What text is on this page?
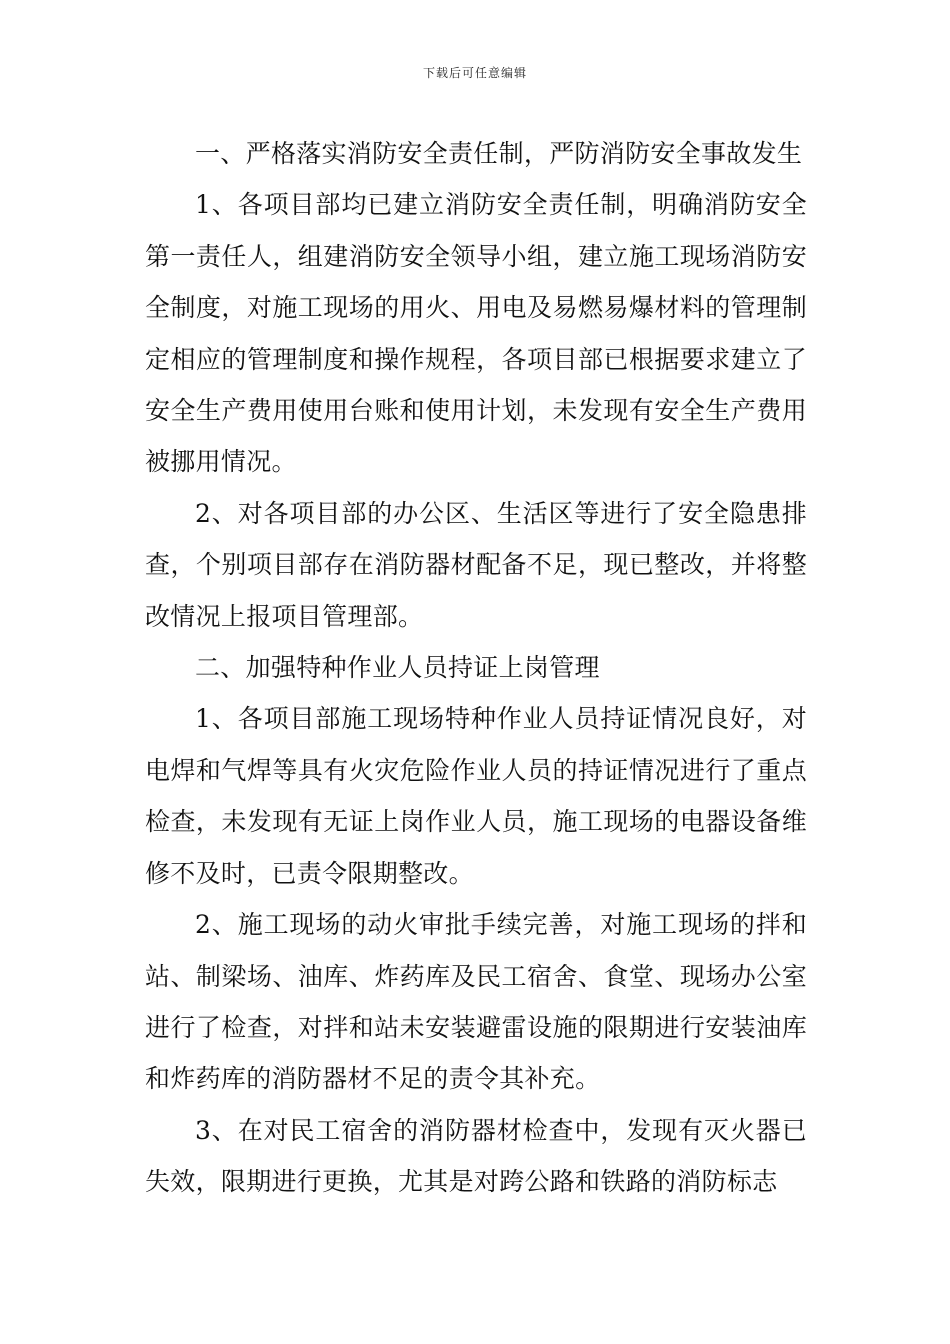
下载后可任意编辑

一、严格落实消防安全责任制，严防消防安全事故发生

1、各项目部均已建立消防安全责任制，明确消防安全第一责任人，组建消防安全领导小组，建立施工现场消防安全制度，对施工现场的用火、用电及易燃易爆材料的管理制定相应的管理制度和操作规程，各项目部已根据要求建立了安全生产费用使用台账和使用计划，未发现有安全生产费用被挪用情况。

2、对各项目部的办公区、生活区等进行了安全隐患排查，个别项目部存在消防器材配备不足，现已整改，并将整改情况上报项目管理部。

二、加强特种作业人员持证上岗管理

1、各项目部施工现场特种作业人员持证情况良好，对电焊和气焊等具有火灾危险作业人员的持证情况进行了重点检查，未发现有无证上岗作业人员，施工现场的电器设备维修不及时，已责令限期整改。

2、施工现场的动火审批手续完善，对施工现场的拌和站、制梁场、油库、炸药库及民工宿舍、食堂、现场办公室进行了检查，对拌和站未安装避雷设施的限期进行安装油库和炸药库的消防器材不足的责令其补充。

3、在对民工宿舍的消防器材检查中，发现有灭火器已失效，限期进行更换，尤其是对跨公路和铁路的消防标志
